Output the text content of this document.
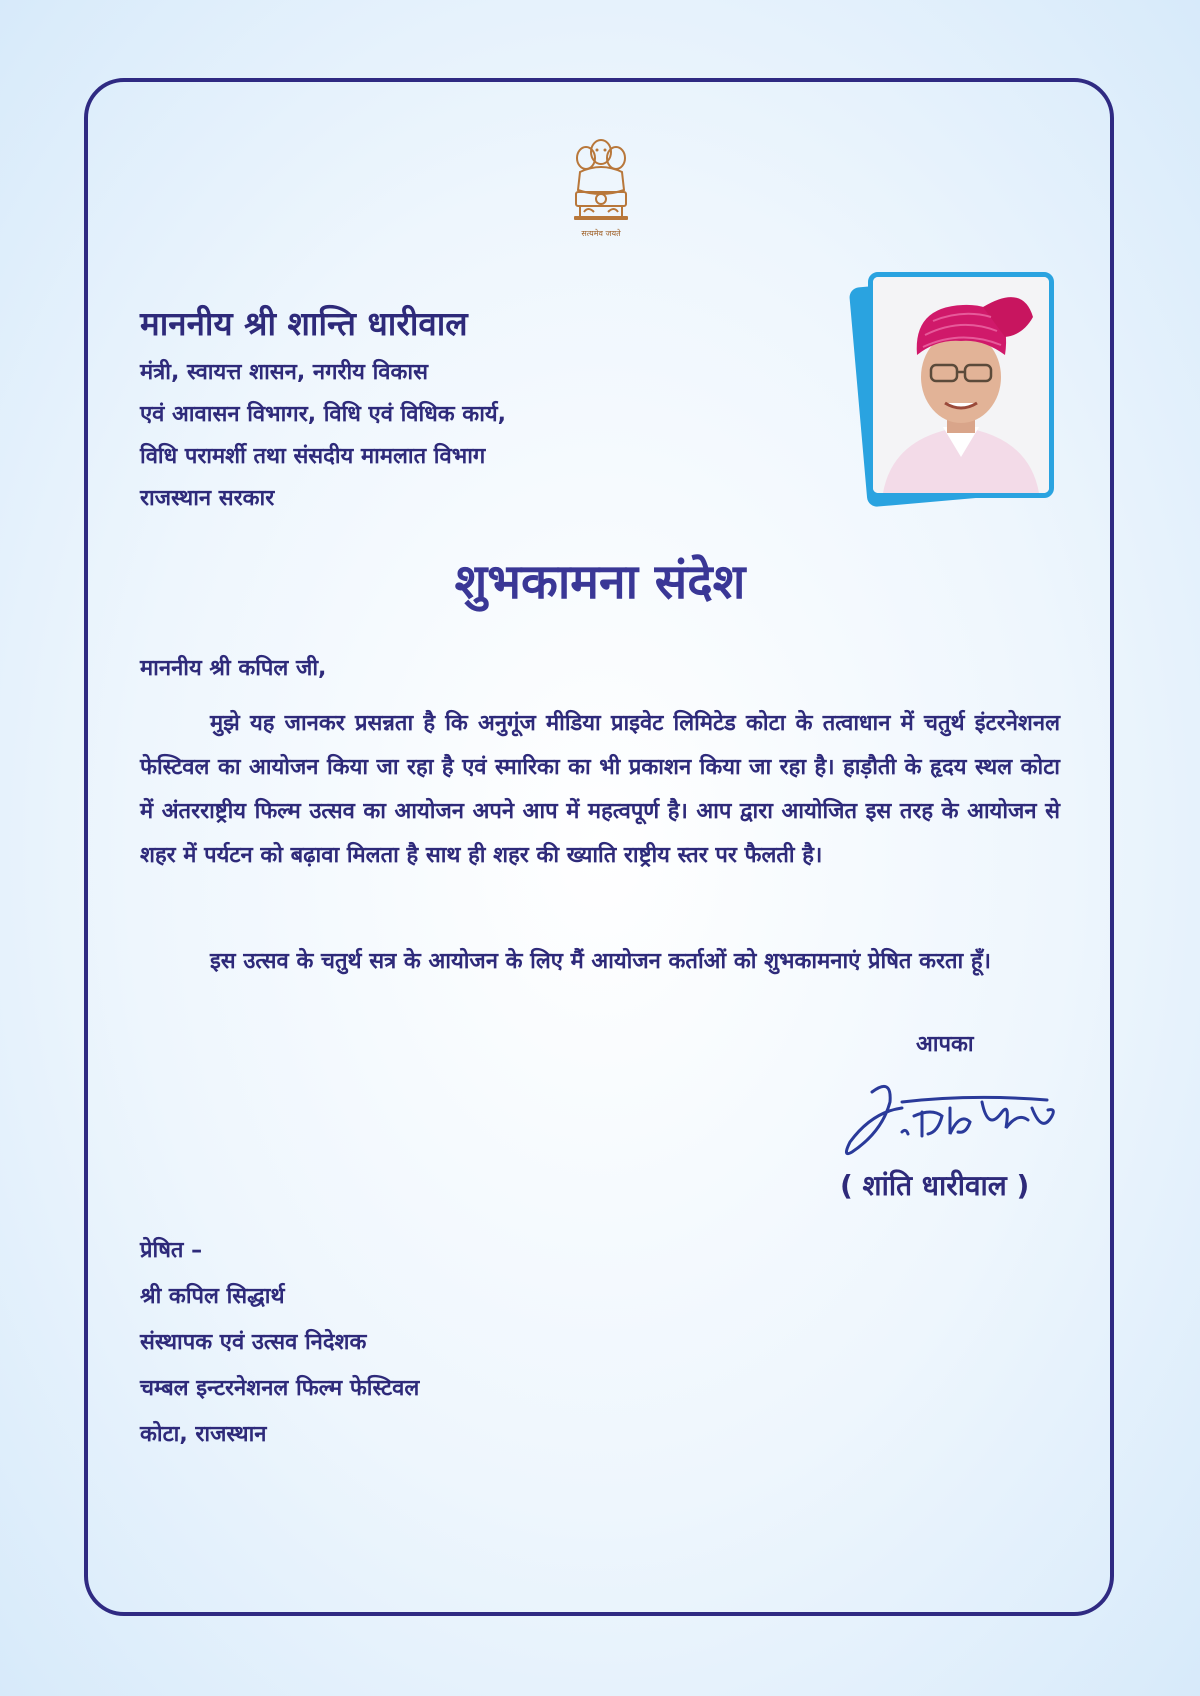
सत्यमेव जयते
माननीय श्री शान्ति धारीवाल
मंत्री, स्वायत्त शासन, नगरीय विकास
एवं आवासन विभागर, विधि एवं विधिक कार्य,
विधि परामर्शी तथा संसदीय मामलात विभाग
राजस्थान सरकार
शुभकामना संदेश
माननीय श्री कपिल जी,

मुझे यह जानकर प्रसन्नता है कि अनुगूंज मीडिया प्राइवेट लिमिटेड कोटा के तत्वाधान में चतुर्थ इंटरनेशनल फेस्टिवल का आयोजन किया जा रहा है एवं स्मारिका का भी प्रकाशन किया जा रहा है। हाड़ौती के हृदय स्थल कोटा में अंतरराष्ट्रीय फिल्म उत्सव का आयोजन अपने आप में महत्वपूर्ण है। आप द्वारा आयोजित इस तरह के आयोजन से शहर में पर्यटन को बढ़ावा मिलता है साथ ही शहर की ख्याति राष्ट्रीय स्तर पर फैलती है।

इस उत्सव के चतुर्थ सत्र के आयोजन के लिए मैं आयोजन कर्ताओं को शुभकामनाएं प्रेषित करता हूँ।

आपका
( शांति धारीवाल )
प्रेषित –
श्री कपिल सिद्धार्थ
संस्थापक एवं उत्सव निदेशक
चम्बल इन्टरनेशनल फिल्म फेस्टिवल
कोटा, राजस्थान
